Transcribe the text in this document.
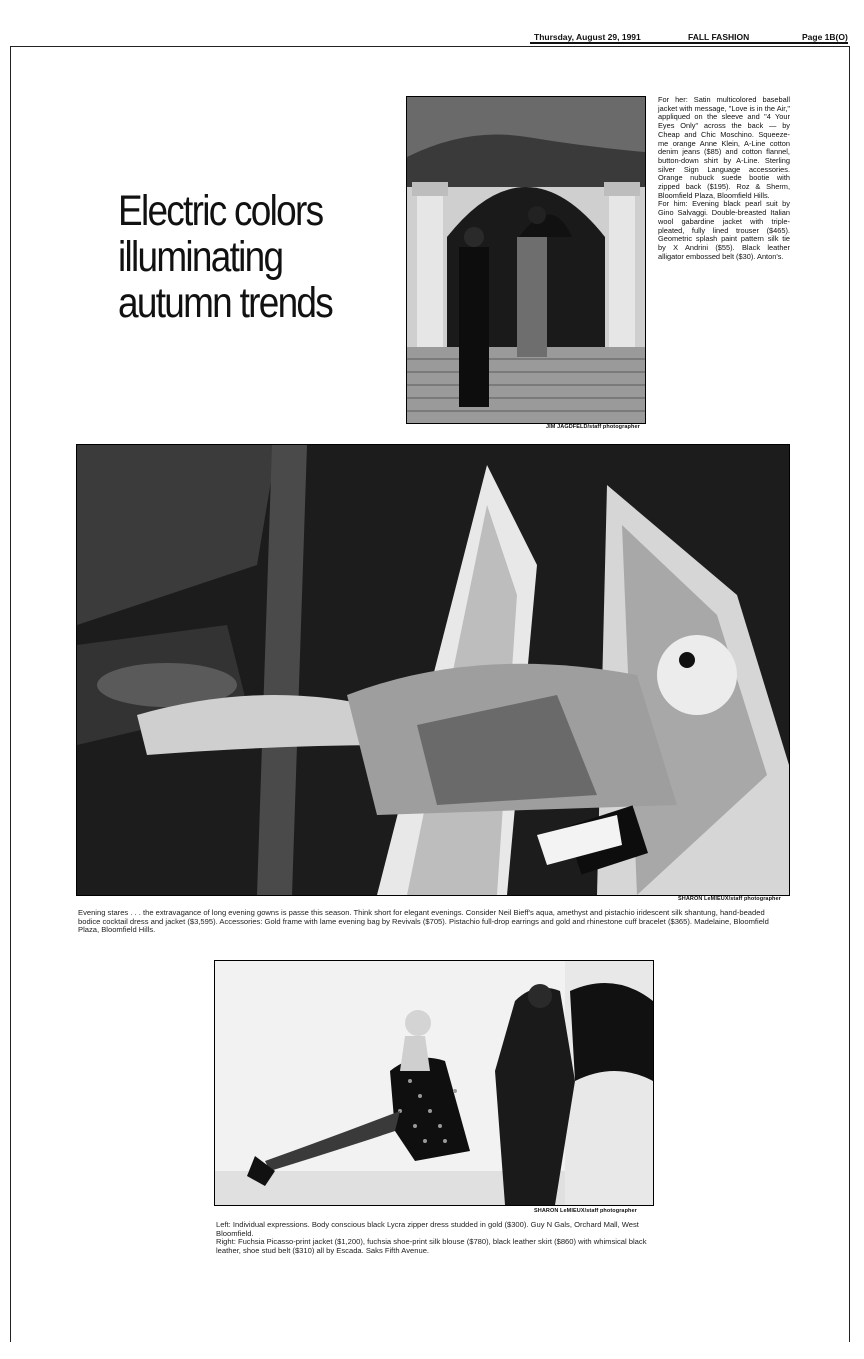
Thursday, August 29, 1991	FALL FASHION	Page 1B(O)
Electric colors
illuminating
autumn trends
JIM JAGDFELD/staff photographer

For her: Satin multicolored baseball jacket with message, "Love is in the Air," appliqued on the sleeve and "4 Your Eyes Only" across the back — by Cheap and Chic Moschino. Squeeze-me orange Anne Klein, A-Line cotton denim jeans ($85) and cotton flannel, button-down shirt by A-Line. Sterling silver Sign Language accessories. Orange nubuck suede bootie with zipped back ($195). Roz & Sherm, Bloomfield Plaza, Bloomfield Hills.

For him: Evening black pearl suit by Gino Salvaggi. Double-breasted Italian wool gabardine jacket with triple-pleated, fully lined trouser ($465). Geometric splash paint pattern silk tie by X Andrini ($55). Black leather alligator embossed belt ($30). Anton's.

SHARON LeMIEUX/staff photographer

Evening stares . . . the extravagance of long evening gowns is passe this season. Think short for elegant evenings. Consider Neil Bieff's aqua, amethyst and pistachio iridescent silk shantung, hand-beaded bodice cocktail dress and jacket ($3,595). Accessories: Gold frame with lame evening bag by Revivals ($705). Pistachio full-drop earrings and gold and rhinestone cuff bracelet ($365). Madelaine, Bloomfield Plaza, Bloomfield Hills.

SHARON LeMIEUX/staff photographer

Left: Individual expressions. Body conscious black Lycra zipper dress studded in gold ($300). Guy N Gals, Orchard Mall, West Bloomfield.

Right: Fuchsia Picasso-print jacket ($1,200), fuchsia shoe-print silk blouse ($780), black leather skirt ($860) with whimsical black leather, shoe stud belt ($310) all by Escada. Saks Fifth Avenue.
